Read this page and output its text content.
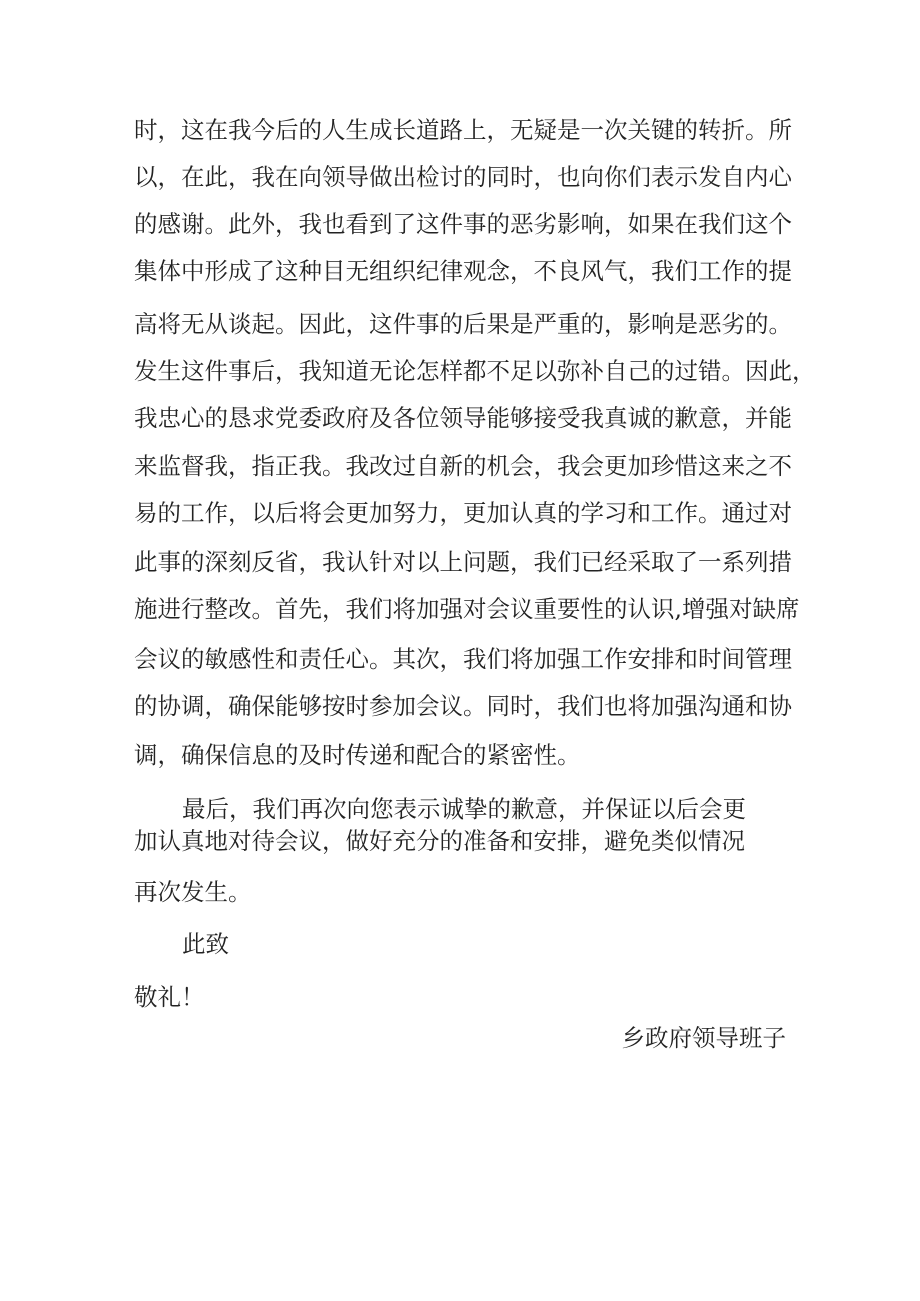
时，这在我今后的人生成长道路上，无疑是一次关键的转折。所
以，在此，我在向领导做出检讨的同时，也向你们表示发自内心
的感谢。此外，我也看到了这件事的恶劣影响，如果在我们这个
集体中形成了这种目无组织纪律观念，不良风气，我们工作的提
高将无从谈起。因此，这件事的后果是严重的，影响是恶劣的。
发生这件事后，我知道无论怎样都不足以弥补自己的过错。因此，
我忠心的恳求党委政府及各位领导能够接受我真诚的歉意，并能
来监督我，指正我。我改过自新的机会，我会更加珍惜这来之不
易的工作，以后将会更加努力，更加认真的学习和工作。通过对
此事的深刻反省，我认针对以上问题，我们已经采取了一系列措
施进行整改。首先，我们将加强对会议重要性的认识,增强对缺席
会议的敏感性和责任心。其次，我们将加强工作安排和时间管理
的协调，确保能够按时参加会议。同时，我们也将加强沟通和协
调，确保信息的及时传递和配合的紧密性。
最后，我们再次向您表示诚挚的歉意，并保证以后会更
加认真地对待会议，做好充分的准备和安排，避免类似情况
再次发生。
此致
敬礼！
乡政府领导班子
